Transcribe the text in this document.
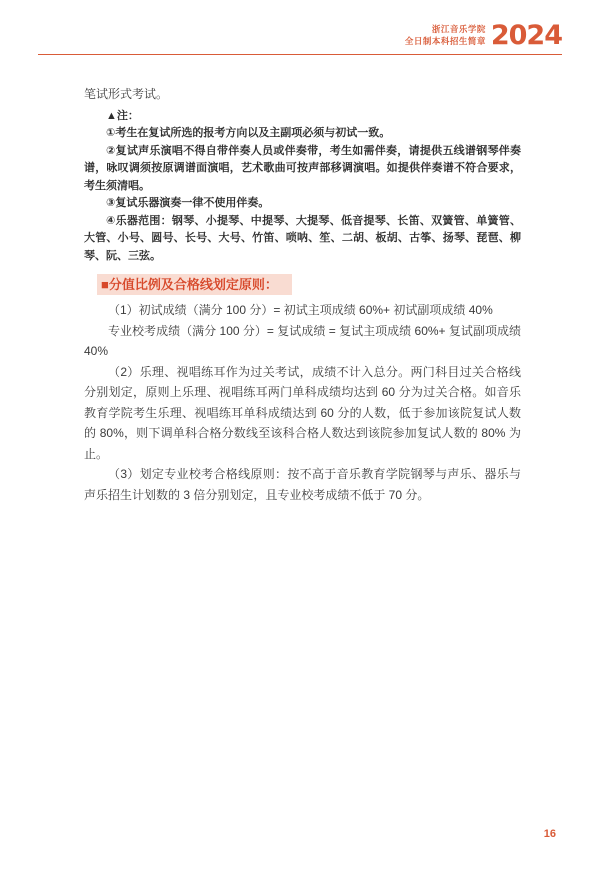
浙江音乐学院
全日制本科招生简章 2024

笔试形式考试。

▲注：

①考生在复试所选的报考方向以及主副项必须与初试一致。

②复试声乐演唱不得自带伴奏人员或伴奏带，考生如需伴奏，请提供五线谱钢琴伴奏谱，咏叹调须按原调谱面演唱，艺术歌曲可按声部移调演唱。如提供伴奏谱不符合要求，考生须清唱。

③复试乐器演奏一律不使用伴奏。

④乐器范围：钢琴、小提琴、中提琴、大提琴、低音提琴、长笛、双簧管、单簧管、大管、小号、圆号、长号、大号、竹笛、唢呐、笙、二胡、板胡、古筝、扬琴、琵琶、柳琴、阮、三弦。

■分值比例及合格线划定原则：

（1）初试成绩（满分 100 分）= 初试主项成绩 60%+ 初试副项成绩 40%

专业校考成绩（满分 100 分）= 复试成绩 = 复试主项成绩 60%+ 复试副项成绩 40%

（2）乐理、视唱练耳作为过关考试，成绩不计入总分。两门科目过关合格线分别划定，原则上乐理、视唱练耳两门单科成绩均达到 60 分为过关合格。如音乐教育学院考生乐理、视唱练耳单科成绩达到 60 分的人数，低于参加该院复试人数的 80%，则下调单科合格分数线至该科合格人数达到该院参加复试人数的 80% 为止。

（3）划定专业校考合格线原则：按不高于音乐教育学院钢琴与声乐、器乐与声乐招生计划数的 3 倍分别划定，且专业校考成绩不低于 70 分。

16
